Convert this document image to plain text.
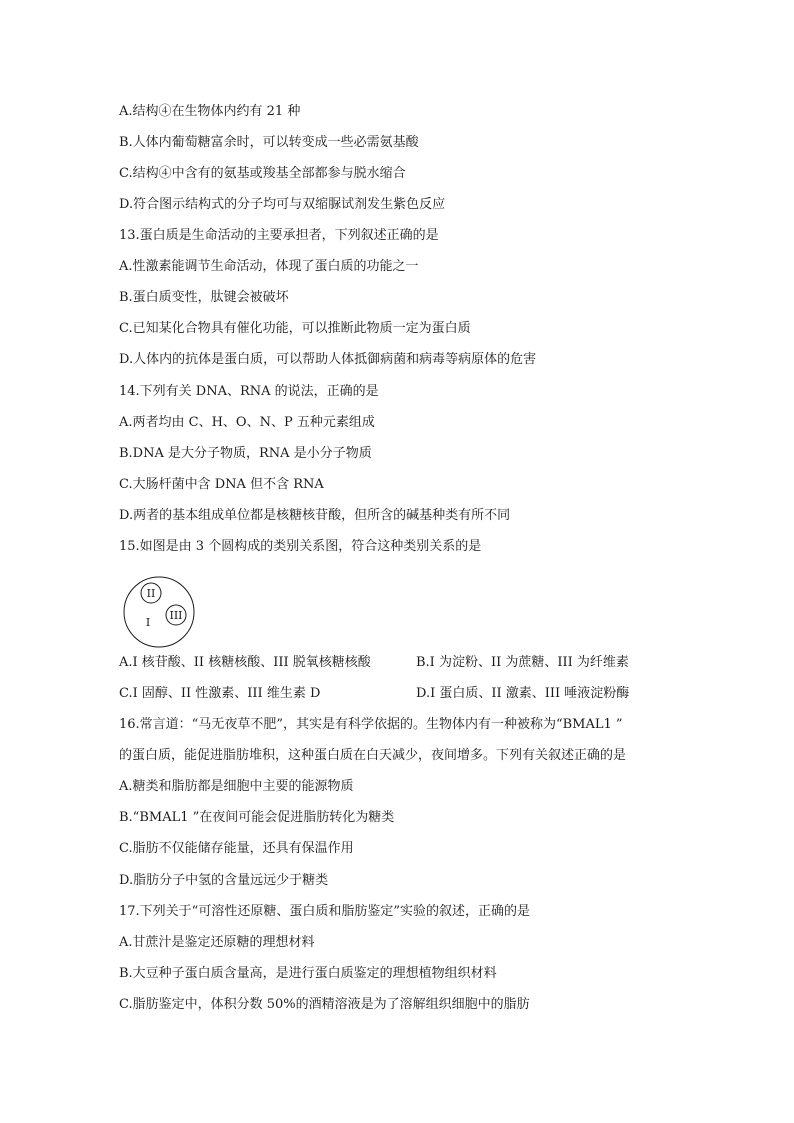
A.结构④在生物体内约有 21 种
B.人体内葡萄糖富余时，可以转变成一些必需氨基酸
C.结构④中含有的氨基或羧基全部都参与脱水缩合
D.符合图示结构式的分子均可与双缩脲试剂发生紫色反应
13.蛋白质是生命活动的主要承担者，下列叙述正确的是
A.性激素能调节生命活动，体现了蛋白质的功能之一
B.蛋白质变性，肽键会被破坏
C.已知某化合物具有催化功能，可以推断此物质一定为蛋白质
D.人体内的抗体是蛋白质，可以帮助人体抵御病菌和病毒等病原体的危害
14.下列有关 DNA、RNA 的说法，正确的是
A.两者均由 C、H、O、N、P 五种元素组成
B.DNA 是大分子物质，RNA 是小分子物质
C.大肠杆菌中含 DNA 但不含 RNA
D.两者的基本组成单位都是核糖核苷酸，但所含的碱基种类有所不同
15.如图是由 3 个圆构成的类别关系图，符合这种类别关系的是
II
III
I
A.I 核苷酸、II 核糖核酸、III 脱氧核糖核酸	B.I 为淀粉、II 为蔗糖、III 为纤维素
C.I 固醇、II 性激素、III 维生素 D	D.I 蛋白质、II 激素、III 唾液淀粉酶
16.常言道：“马无夜草不肥”，其实是有科学依据的。生物体内有一种被称为“BMAL1 ”
的蛋白质，能促进脂肪堆积，这种蛋白质在白天减少，夜间增多。下列有关叙述正确的是
A.糖类和脂肪都是细胞中主要的能源物质
B.“BMAL1 ”在夜间可能会促进脂肪转化为糖类
C.脂肪不仅能储存能量，还具有保温作用
D.脂肪分子中氢的含量远远少于糖类
17.下列关于“可溶性还原糖、蛋白质和脂肪鉴定”实验的叙述，正确的是
A.甘蔗汁是鉴定还原糖的理想材料
B.大豆种子蛋白质含量高，是进行蛋白质鉴定的理想植物组织材料
C.脂肪鉴定中，体积分数 50%的酒精溶液是为了溶解组织细胞中的脂肪
